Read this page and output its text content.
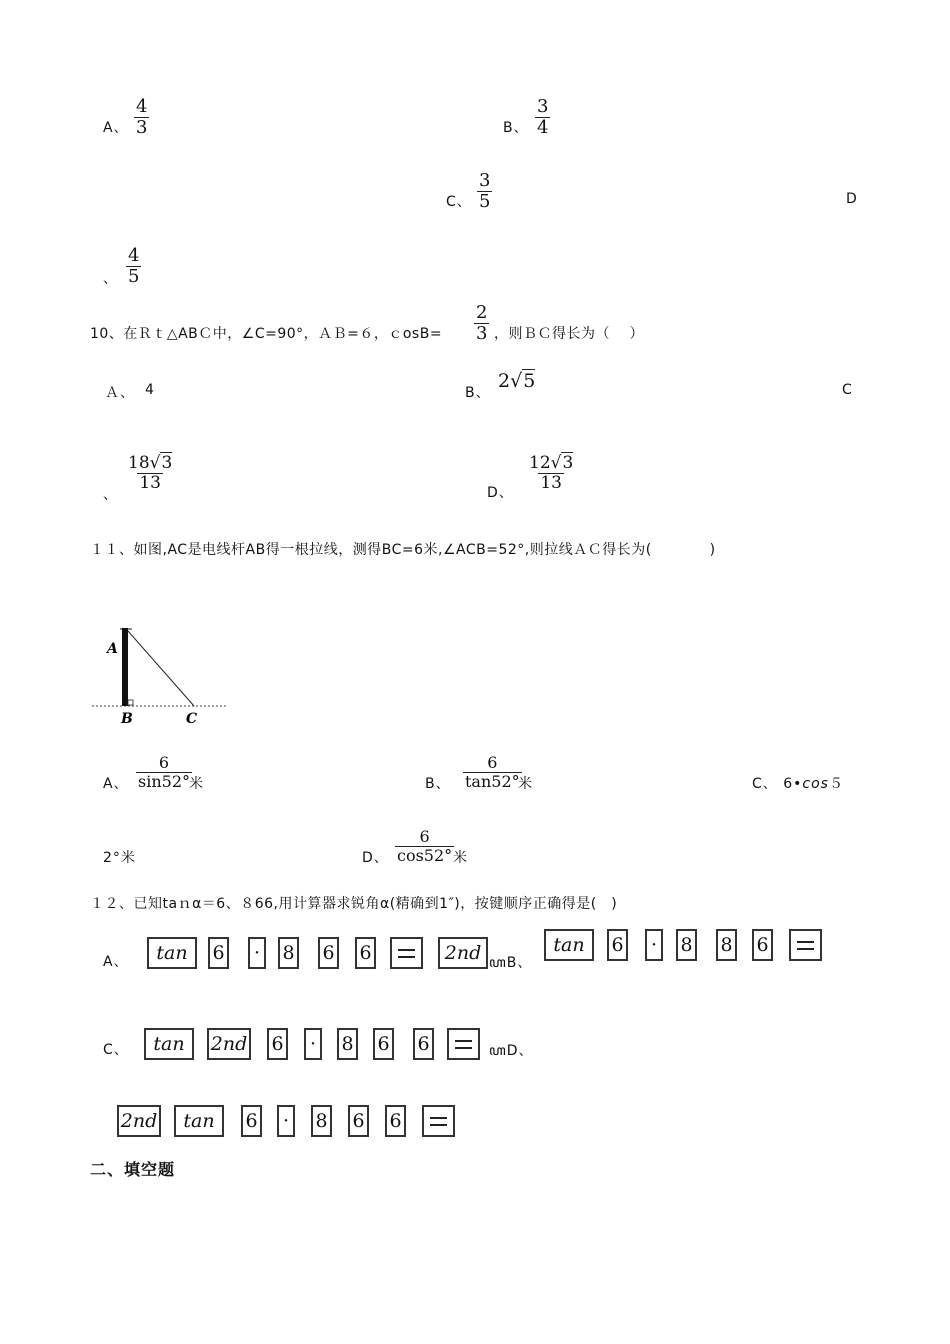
A、 $\frac{4}{3}$	B、 $\frac{3}{4}$
C、 $\frac{3}{5}$	D
、 $\frac{4}{5}$
10、在Ｒｔ△ABＣ中，∠C=90°，ＡＢ=６，ｃosB= $\frac{2}{3}$ ，则ＢＣ得长为（　 ）
Ａ、 4	B、
2√5	C
、
$\frac{18√3}{13}$
D、
$\frac{12√3}{13}$
１１、如图,AC是电线杆AB得一根拉线，测得BC=6米,∠ACB=52°,则拉线ＡＣ得长为(　　　　)
A
B	C
A、 $\frac{6}{\sin 52^\circ}$
米	B、 $\frac{6}{\tan 52^\circ}$
米	C、 6•cos５
2°米	D、 $\frac{6}{\cos 52^\circ}$
米
１２、已知taｎα＝6、８66,用计算器求锐角α(精确到1″)，按键顺序正确得是(　)
A、	tan	6	·	8 6 6	2nd ﻿ꦲB、
tan	6	·	8 8 6
C、	tan	2nd 6	·	8 6 6	﻿ꦲD、
2nd	tan	6	·	8 6 6
二、填空题
